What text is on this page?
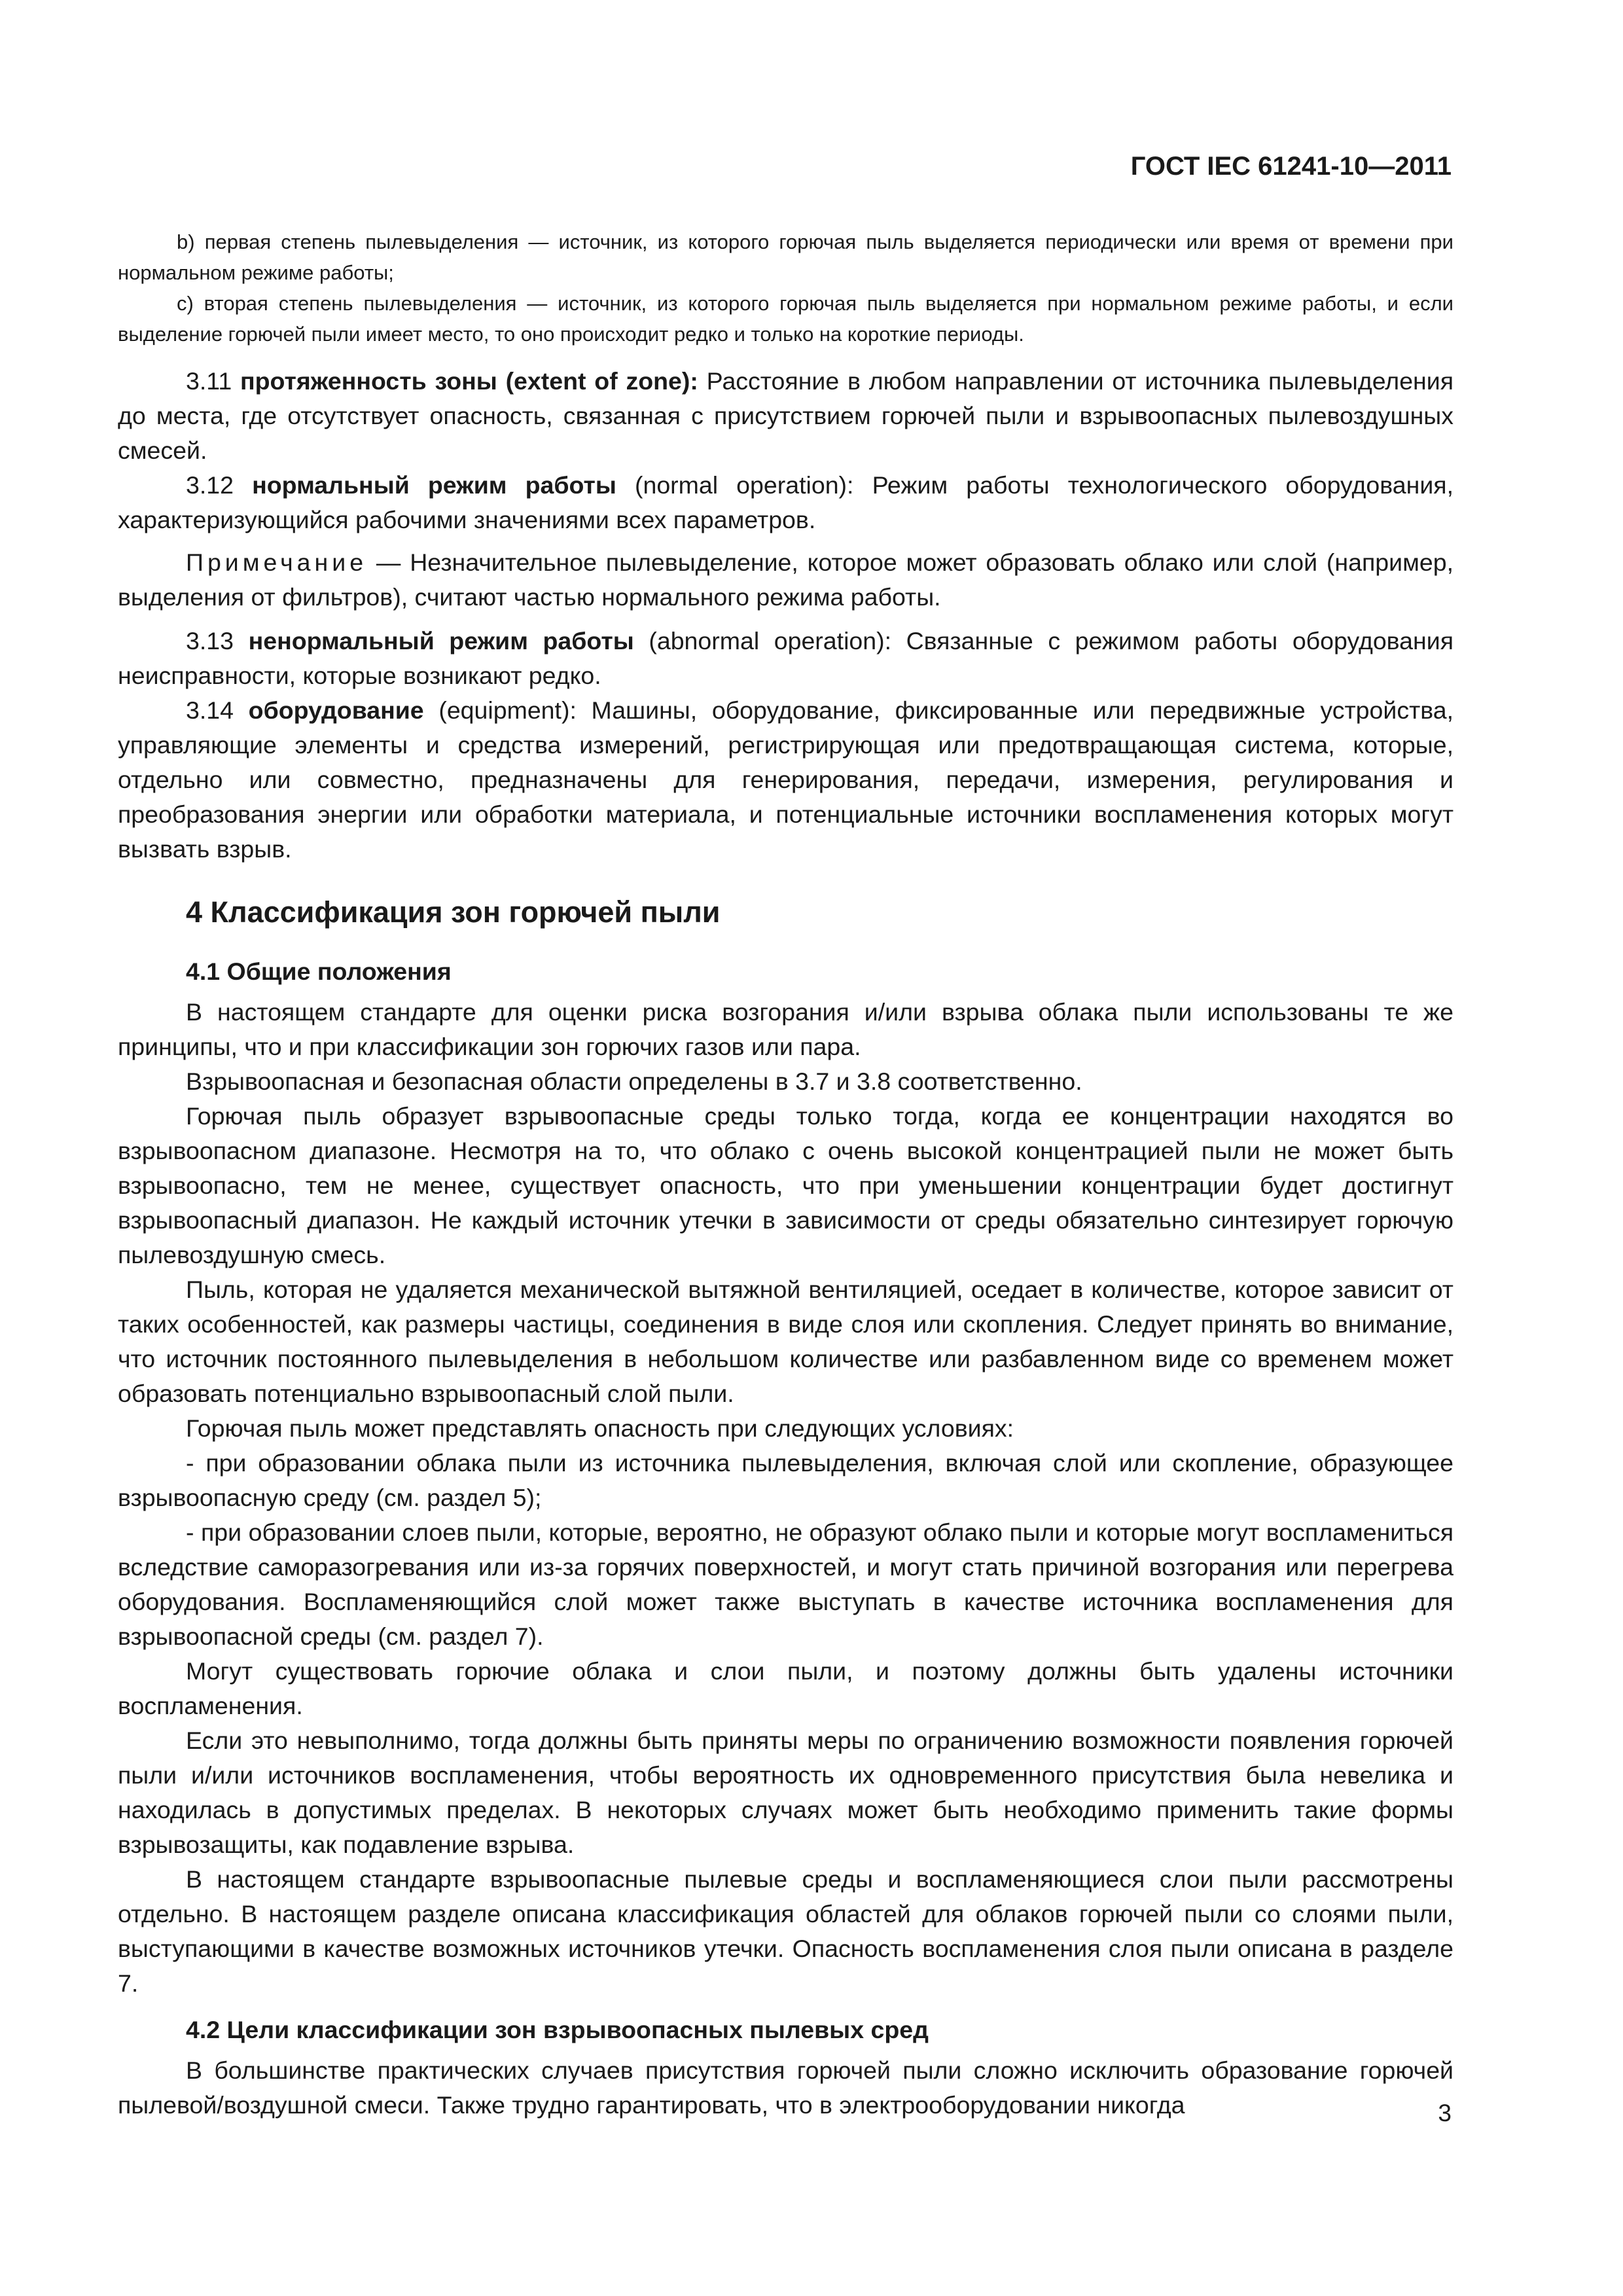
ГОСТ IEC 61241-10—2011

b) первая степень пылевыделения — источник, из которого горючая пыль выделяется периодически или время от времени при нормальном режиме работы;

с) вторая степень пылевыделения — источник, из которого горючая пыль выделяется при нормальном режиме работы, и если выделение горючей пыли имеет место, то оно происходит редко и только на короткие периоды.

3.11 протяженность зоны (extent of zone): Расстояние в любом направлении от источника пылевыделения до места, где отсутствует опасность, связанная с присутствием горючей пыли и взрывоопасных пылевоздушных смесей.

3.12 нормальный режим работы (normal operation): Режим работы технологического оборудования, характеризующийся рабочими значениями всех параметров.

Примечание — Незначительное пылевыделение, которое может образовать облако или слой (например, выделения от фильтров), считают частью нормального режима работы.

3.13 ненормальный режим работы (abnormal operation): Связанные с режимом работы оборудования неисправности, которые возникают редко.

3.14 оборудование (equipment): Машины, оборудование, фиксированные или передвижные устройства, управляющие элементы и средства измерений, регистрирующая или предотвращающая система, которые, отдельно или совместно, предназначены для генерирования, передачи, измерения, регулирования и преобразования энергии или обработки материала, и потенциальные источники воспламенения которых могут вызвать взрыв.

4 Классификация зон горючей пыли
4.1 Общие положения

В настоящем стандарте для оценки риска возгорания и/или взрыва облака пыли использованы те же принципы, что и при классификации зон горючих газов или пара.

Взрывоопасная и безопасная области определены в 3.7 и 3.8 соответственно.

Горючая пыль образует взрывоопасные среды только тогда, когда ее концентрации находятся во взрывоопасном диапазоне. Несмотря на то, что облако с очень высокой концентрацией пыли не может быть взрывоопасно, тем не менее, существует опасность, что при уменьшении концентрации будет достигнут взрывоопасный диапазон. Не каждый источник утечки в зависимости от среды обязательно синтезирует горючую пылевоздушную смесь.

Пыль, которая не удаляется механической вытяжной вентиляцией, оседает в количестве, которое зависит от таких особенностей, как размеры частицы, соединения в виде слоя или скопления. Следует принять во внимание, что источник постоянного пылевыделения в небольшом количестве или разбавленном виде со временем может образовать потенциально взрывоопасный слой пыли.

Горючая пыль может представлять опасность при следующих условиях:

- при образовании облака пыли из источника пылевыделения, включая слой или скопление, образующее взрывоопасную среду (см. раздел 5);

- при образовании слоев пыли, которые, вероятно, не образуют облако пыли и которые могут воспламениться вследствие саморазогревания или из-за горячих поверхностей, и могут стать причиной возгорания или перегрева оборудования. Воспламеняющийся слой может также выступать в качестве источника воспламенения для взрывоопасной среды (см. раздел 7).

Могут существовать горючие облака и слои пыли, и поэтому должны быть удалены источники воспламенения.

Если это невыполнимо, тогда должны быть приняты меры по ограничению возможности появления горючей пыли и/или источников воспламенения, чтобы вероятность их одновременного присутствия была невелика и находилась в допустимых пределах. В некоторых случаях может быть необходимо применить такие формы взрывозащиты, как подавление взрыва.

В настоящем стандарте взрывоопасные пылевые среды и воспламеняющиеся слои пыли рассмотрены отдельно. В настоящем разделе описана классификация областей для облаков горючей пыли со слоями пыли, выступающими в качестве возможных источников утечки. Опасность воспламенения слоя пыли описана в разделе 7.

4.2 Цели классификации зон взрывоопасных пылевых сред

В большинстве практических случаев присутствия горючей пыли сложно исключить образование горючей пылевой/воздушной смеси. Также трудно гарантировать, что в электрооборудовании никогда	3
